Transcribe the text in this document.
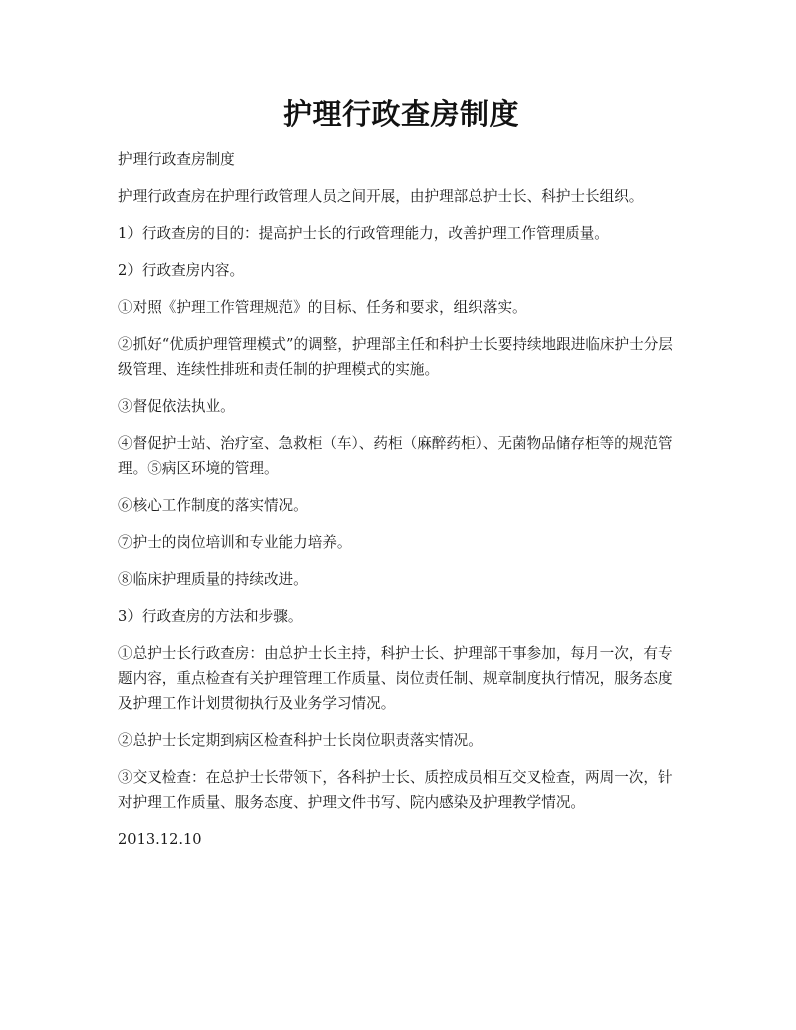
护理行政查房制度

护理行政查房制度

护理行政查房在护理行政管理人员之间开展，由护理部总护士长、科护士长组织。

1）行政查房的目的：提高护士长的行政管理能力，改善护理工作管理质量。

2）行政查房内容。

①对照《护理工作管理规范》的目标、任务和要求，组织落实。

②抓好“优质护理管理模式”的调整，护理部主任和科护士长要持续地跟进临床护士分层级管理、连续性排班和责任制的护理模式的实施。

③督促依法执业。

④督促护士站、治疗室、急救柜（车）、药柜（麻醉药柜）、无菌物品储存柜等的规范管理。⑤病区环境的管理。

⑥核心工作制度的落实情况。

⑦护士的岗位培训和专业能力培养。

⑧临床护理质量的持续改进。

3）行政查房的方法和步骤。

①总护士长行政查房：由总护士长主持，科护士长、护理部干事参加，每月一次，有专题内容，重点检查有关护理管理工作质量、岗位责任制、规章制度执行情况，服务态度及护理工作计划贯彻执行及业务学习情况。

②总护士长定期到病区检查科护士长岗位职责落实情况。

③交叉检查：在总护士长带领下，各科护士长、质控成员相互交叉检查，两周一次，针对护理工作质量、服务态度、护理文件书写、院内感染及护理教学情况。

2013.12.10
